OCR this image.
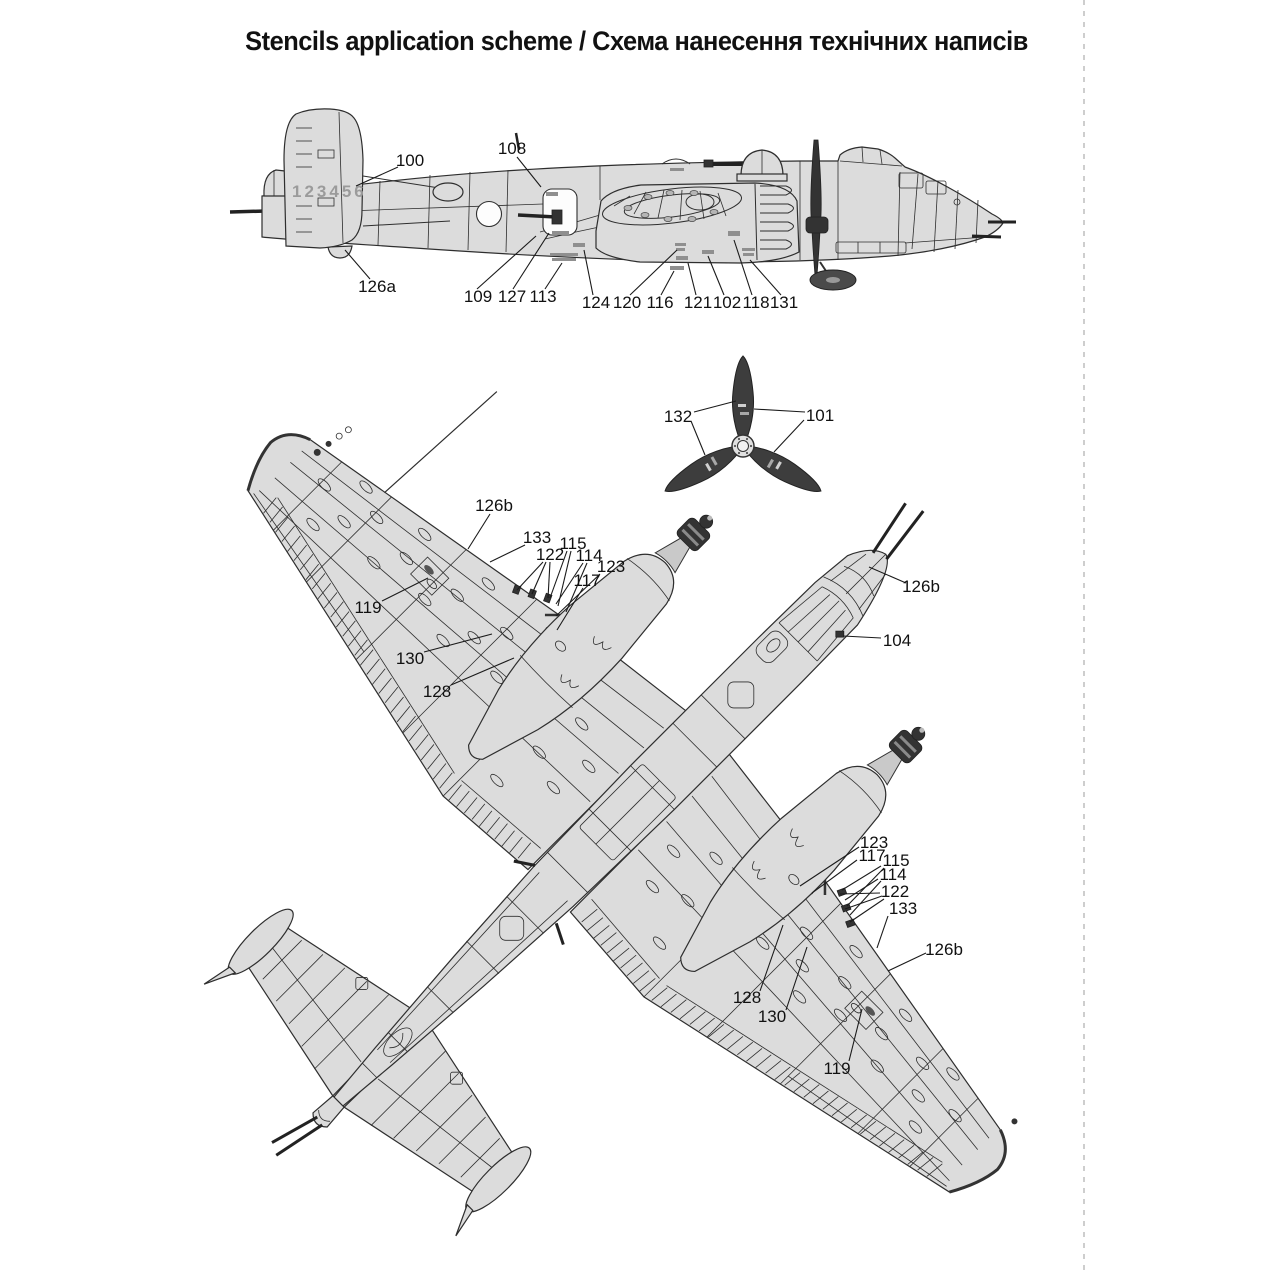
Stencils application scheme / Схема нанесення технічних написів
123456
100
108
126a
109 127 113 124 120 116 121 102 118 131
132	101
126b
133
122
115
114
123
117
119
130
128
126b
104
123
117
115
114
122
133
126b
128
130
119
